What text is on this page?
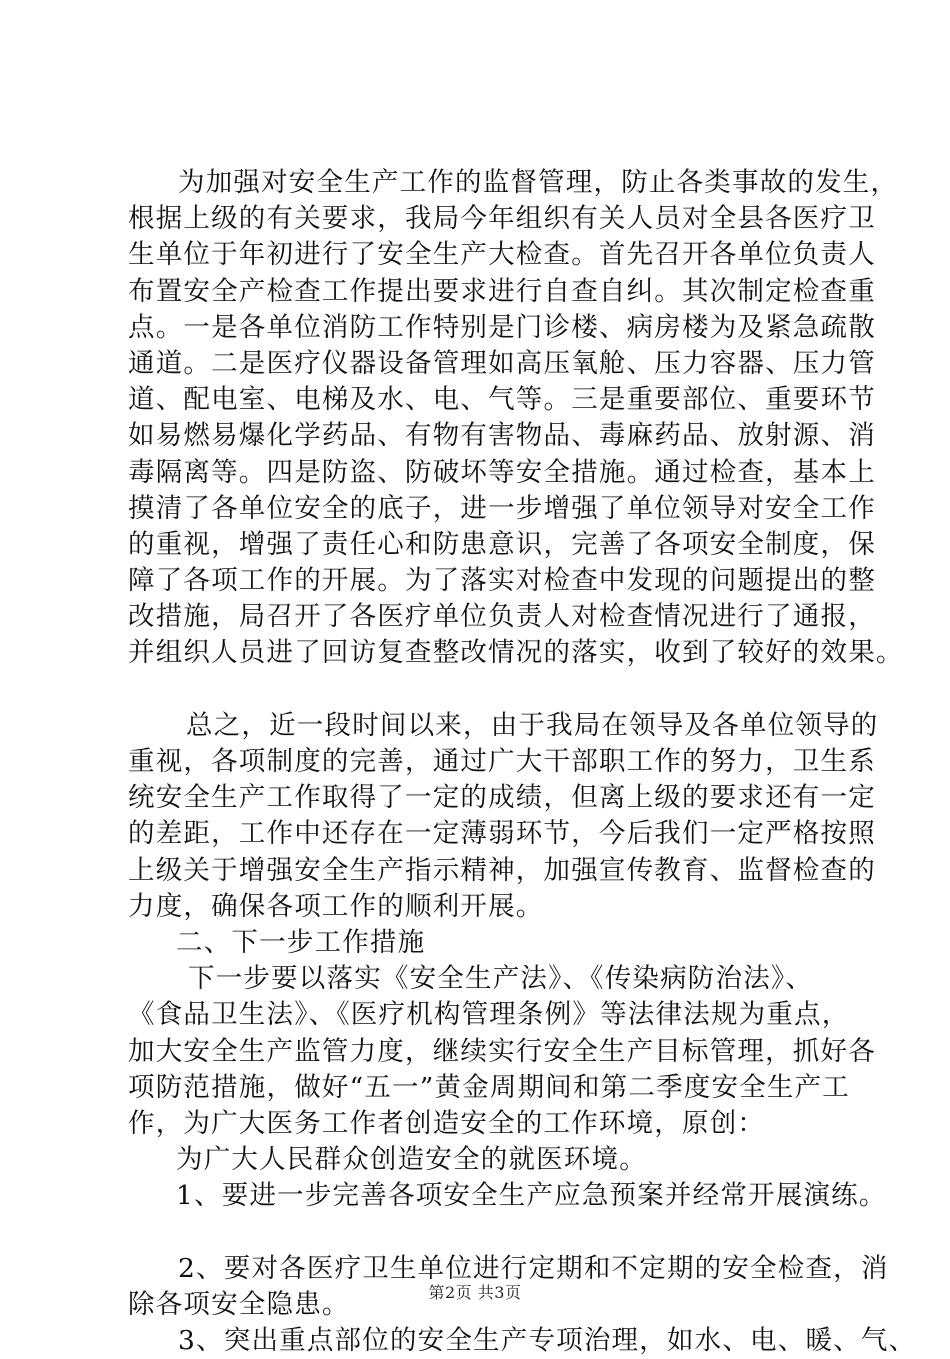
为加强对安全生产工作的监督管理，防止各类事故的发生，
根据上级的有关要求，我局今年组织有关人员对全县各医疗卫
生单位于年初进行了安全生产大检查。首先召开各单位负责人
布置安全产检查工作提出要求进行自查自纠。其次制定检查重
点。一是各单位消防工作特别是门诊楼、病房楼为及紧急疏散
通道。二是医疗仪器设备管理如高压氧舱、压力容器、压力管
道、配电室、电梯及水、电、气等。三是重要部位、重要环节
如易燃易爆化学药品、有物有害物品、毒麻药品、放射源、消
毒隔离等。四是防盗、防破坏等安全措施。通过检查，基本上
摸清了各单位安全的底子，进一步增强了单位领导对安全工作
的重视，增强了责任心和防患意识，完善了各项安全制度，保
障了各项工作的开展。为了落实对检查中发现的问题提出的整
改措施，局召开了各医疗单位负责人对检查情况进行了通报，
并组织人员进了回访复查整改情况的落实，收到了较好的效果。
总之，近一段时间以来，由于我局在领导及各单位领导的
重视，各项制度的完善，通过广大干部职工作的努力，卫生系
统安全生产工作取得了一定的成绩，但离上级的要求还有一定
的差距，工作中还存在一定薄弱环节，今后我们一定严格按照
上级关于增强安全生产指示精神，加强宣传教育、监督检查的
力度，确保各项工作的顺利开展。
二、下一步工作措施
下一步要以落实《安全生产法》、《传染病防治法》、
《食品卫生法》、《医疗机构管理条例》等法律法规为重点，
加大安全生产监管力度，继续实行安全生产目标管理，抓好各
项防范措施，做好“五一”黄金周期间和第二季度安全生产工
作，为广大医务工作者创造安全的工作环境，原创：
为广大人民群众创造安全的就医环境。
1、要进一步完善各项安全生产应急预案并经常开展演练。
2、要对各医疗卫生单位进行定期和不定期的安全检查，消
除各项安全隐患。
3、突出重点部位的安全生产专项治理，如水、电、暖、气、
第2页 共3页
